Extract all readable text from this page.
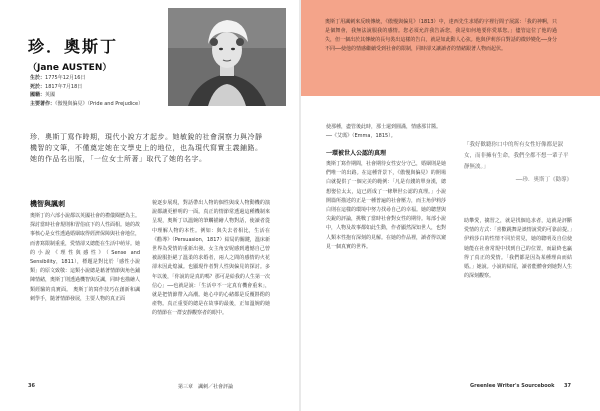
珍．奧斯丁
（Jane AUSTEN）
生於：1775年12月16日
死於：1817年7月18日
國籍：英國
主要著作：《傲慢與偏見》（Pride and Prejudice）
珍．奧斯丁寫作時期，現代小說方才起步。她敏銳的社會洞察力與冷靜機智的文筆，不僅奠定她在文學史上的地位，也為現代寫實主義鋪路。她的作品名出版，「一位女士所著」取代了她的名字。
機智與諷刺
奧斯丁的六部小說都以英國社會的禮儀閱歷為主。探討當時社會規則和習俗底下的人性面相。她的故事核心是女性透過婚姻取得經濟保障與社會地位，而書寫限制重重，愛情卻又總能在生活中萌芽。她的小說《理性與感性》（Sense and Sensibility，1811），標題是對比於「感性小說類」的原文致敬：這類小說總是藉著情節與角色鋪陳情緒，奧斯丁則透過機智與反諷，同時也描繪人類經驗的真實面。 奧斯丁的寫作技巧在創新和諷刺學手，隨著情節發展，主要人物的真正面
貌逐步展現，對話帶出人物的個性與成人物動機的演說都讓更鮮明的一面。真正的情節常透過這種機制來呈現，奧斯丁以溫婉的筆觸描繪人物對話，使讀者從中理解人物的本性。例如：與失去者相比，生活在《勸導》（Persuasion，1817）結局的關鍵，溫床新世界為愛情的重新出發。女主角安妮感到遺憾自己曾被說服拒絕了溫柔的求婚者，兩人之間的感情的火花卻未因此熄滅。也顯現作者對人性與偏見的探討。多年以後，「你說的是真的嗎？那可是給我的人生第一次信心」──也就是說：「生活中不一定真有機會重來」，就是把情節帶入高潮。她心中的心緒都是反覆斟酌的產物。真正重要的總是在故事的最後，正如溫婉的她的情節在一群安靜觀察者的眼中。
36	第三章　諷刺／社會評論

奧斯丁用諷刺來反映傳統，《傲慢與偏見》（1813）中，達西先生求婚的字裡行間子展露：「我的神啊，只是個舞會，我無法說服我的感情。您必須允許我告訴您，我是如何地要你愛慕您。」儘管這位了他的過失，但一個出於其傳統的長句裝出這樣的告白，就是如此動人心弦。他與伊莉莎白對話的微妙變化──身分不同──使他的情感繼續受到社會的限制，同時卻又讓讀者的情緒跟著人物而起伏。

使那種，盡管後此時，那士還到圓滿，情感那甘醬。──《艾瑪》（Emma，1815）。
一環被世人公認的真理
奧斯丁寫作期間，社會期待女性安分守己，婚姻則是她們唯一的出路。在這種背景下，《傲慢與偏見》的開場白就提供了一個完美的範例：「凡是有錢的單身漢，總想娶位太太，這已經成了一條舉世公認的真理。」小說開篇所描述的正是一種普遍的社會壓力，而主角伊莉莎白則在這樣的環境中努力找尋自己的幸福。她的聰慧與尖銳的評論，挑戰了當時社會對女性的期待。每部小說中，人物及故事都如此生動，作者顯然深知世人，也對人類本性抱有深刻的見解。在她的作品裡，讀者得以窺見一個真實的世界。
「我好歡聽你口中的所有女性好像都是淑女，而非擁有生命，我們全都不想一輩子平靜無波。」
──珍．奧斯丁《勸導》
助攀愛，擒習之，就是找個追求者，這就是評斷愛情的方式：「喜歡跳舞是談情說愛的可靠前提。」伊莉莎白的性情不同於常見，她的聰明及自信使她能在社會常規中找到自己的位置，而最終也贏得了真正的愛情。「我們都是因為某種理由而結婚。」她說。小說的結尾，讀者能體會到她對人生的深刻觀察。
Greenlee Writer's Sourcebook 37
